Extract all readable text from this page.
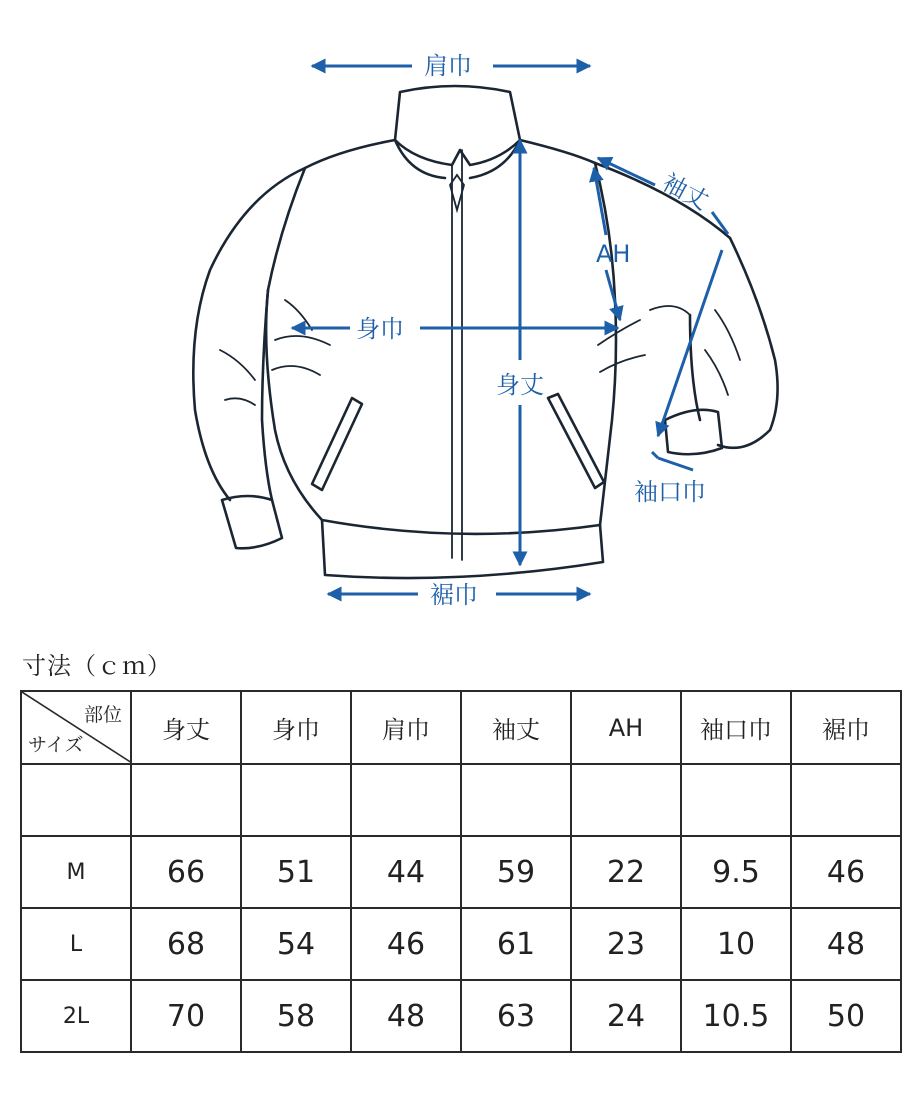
肩巾
袖丈
AH
身巾
身丈
袖口巾
裾巾
寸法（ｃｍ）
部位
サイズ	身丈	身巾	肩巾	袖丈	AH	袖口巾	裾巾

M	66	51	44	59	22	9.5	46
L	68	54	46	61	23	10	48
2L	70	58	48	63	24	10.5	50
